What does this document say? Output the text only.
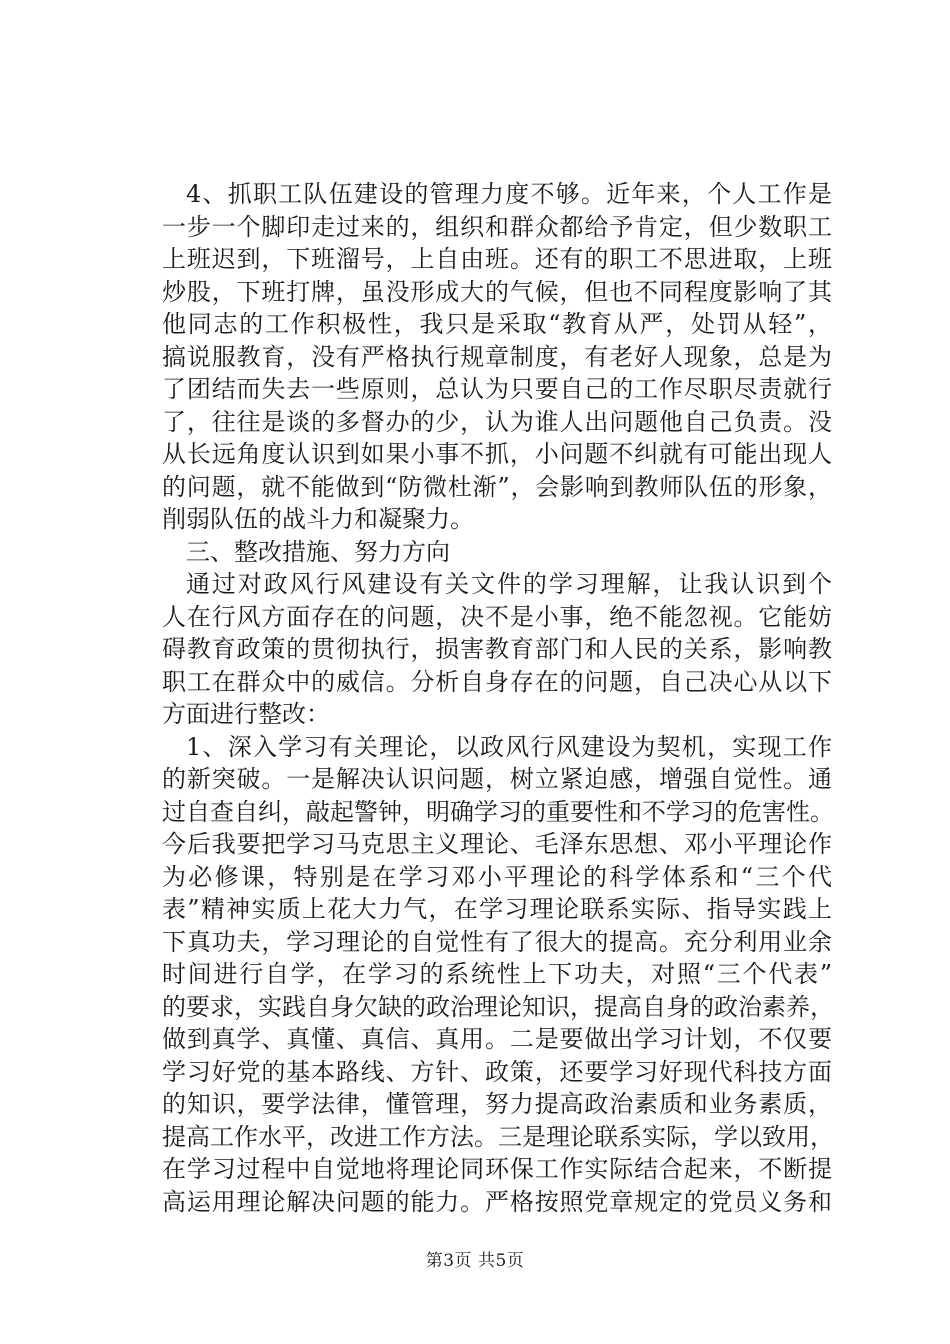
4、抓职工队伍建设的管理力度不够。近年来，个人工作是
一步一个脚印走过来的，组织和群众都给予肯定，但少数职工
上班迟到，下班溜号，上自由班。还有的职工不思进取，上班
炒股，下班打牌，虽没形成大的气候，但也不同程度影响了其
他同志的工作积极性，我只是采取“教育从严，处罚从轻”，
搞说服教育，没有严格执行规章制度，有老好人现象，总是为
了团结而失去一些原则，总认为只要自己的工作尽职尽责就行
了，往往是谈的多督办的少，认为谁人出问题他自己负责。没
从长远角度认识到如果小事不抓，小问题不纠就有可能出现人
的问题，就不能做到“防微杜渐”，会影响到教师队伍的形象，
削弱队伍的战斗力和凝聚力。
三、整改措施、努力方向
通过对政风行风建设有关文件的学习理解，让我认识到个
人在行风方面存在的问题，决不是小事，绝不能忽视。它能妨
碍教育政策的贯彻执行，损害教育部门和人民的关系，影响教
职工在群众中的威信。分析自身存在的问题，自己决心从以下
方面进行整改：
1、深入学习有关理论，以政风行风建设为契机，实现工作
的新突破。一是解决认识问题，树立紧迫感，增强自觉性。通
过自查自纠，敲起警钟，明确学习的重要性和不学习的危害性。
今后我要把学习马克思主义理论、毛泽东思想、邓小平理论作
为必修课，特别是在学习邓小平理论的科学体系和“三个代
表”精神实质上花大力气，在学习理论联系实际、指导实践上
下真功夫，学习理论的自觉性有了很大的提高。充分利用业余
时间进行自学，在学习的系统性上下功夫，对照“三个代表”
的要求，实践自身欠缺的政治理论知识，提高自身的政治素养，
做到真学、真懂、真信、真用。二是要做出学习计划，不仅要
学习好党的基本路线、方针、政策，还要学习好现代科技方面
的知识，要学法律，懂管理，努力提高政治素质和业务素质，
提高工作水平，改进工作方法。三是理论联系实际，学以致用，
在学习过程中自觉地将理论同环保工作实际结合起来，不断提
高运用理论解决问题的能力。严格按照党章规定的党员义务和
第3页 共5页
